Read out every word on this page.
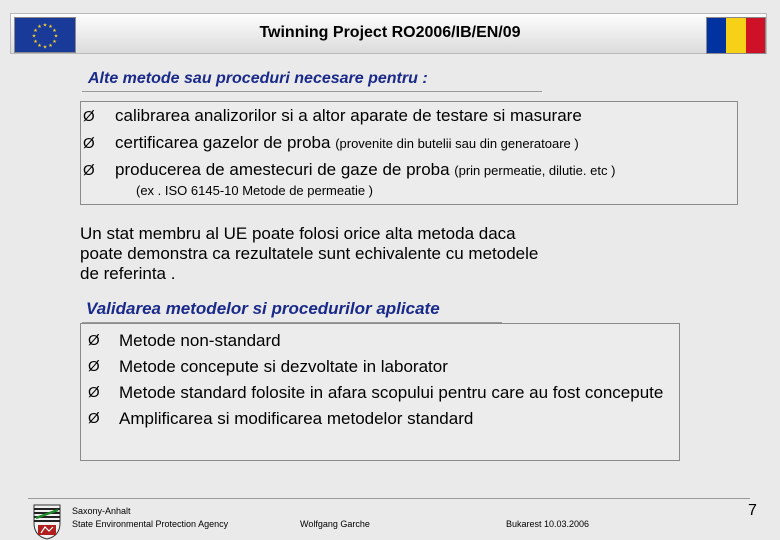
★
★
★
★
★
★
★
★
★ ★ ★
★	Twinning Project RO2006/IB/EN/09
Alte metode sau proceduri necesare pentru :
Ø calibrarea analizorilor si a altor aparate de testare si masurare
Ø certificarea gazelor de proba (provenite din butelii sau din generatoare )
Ø producerea de amestecuri de gaze de proba (prin permeatie, dilutie. etc )
(ex . ISO 6145-10 Metode de permeatie )
Un stat membru al UE poate folosi orice alta metoda daca
poate demonstra ca rezultatele sunt echivalente cu metodele
de referinta .
Validarea metodelor si procedurilor aplicate
Ø	Metode non-standard
Ø	Metode concepute si dezvoltate in laborator
Ø	Metode standard folosite in afara scopului pentru care au fost concepute
Ø	Amplificarea si modificarea metodelor standard
Saxony-Anhalt
State Environmental Protection Agency	Wolfgang Garche	Bukarest 10.03.2006
7
